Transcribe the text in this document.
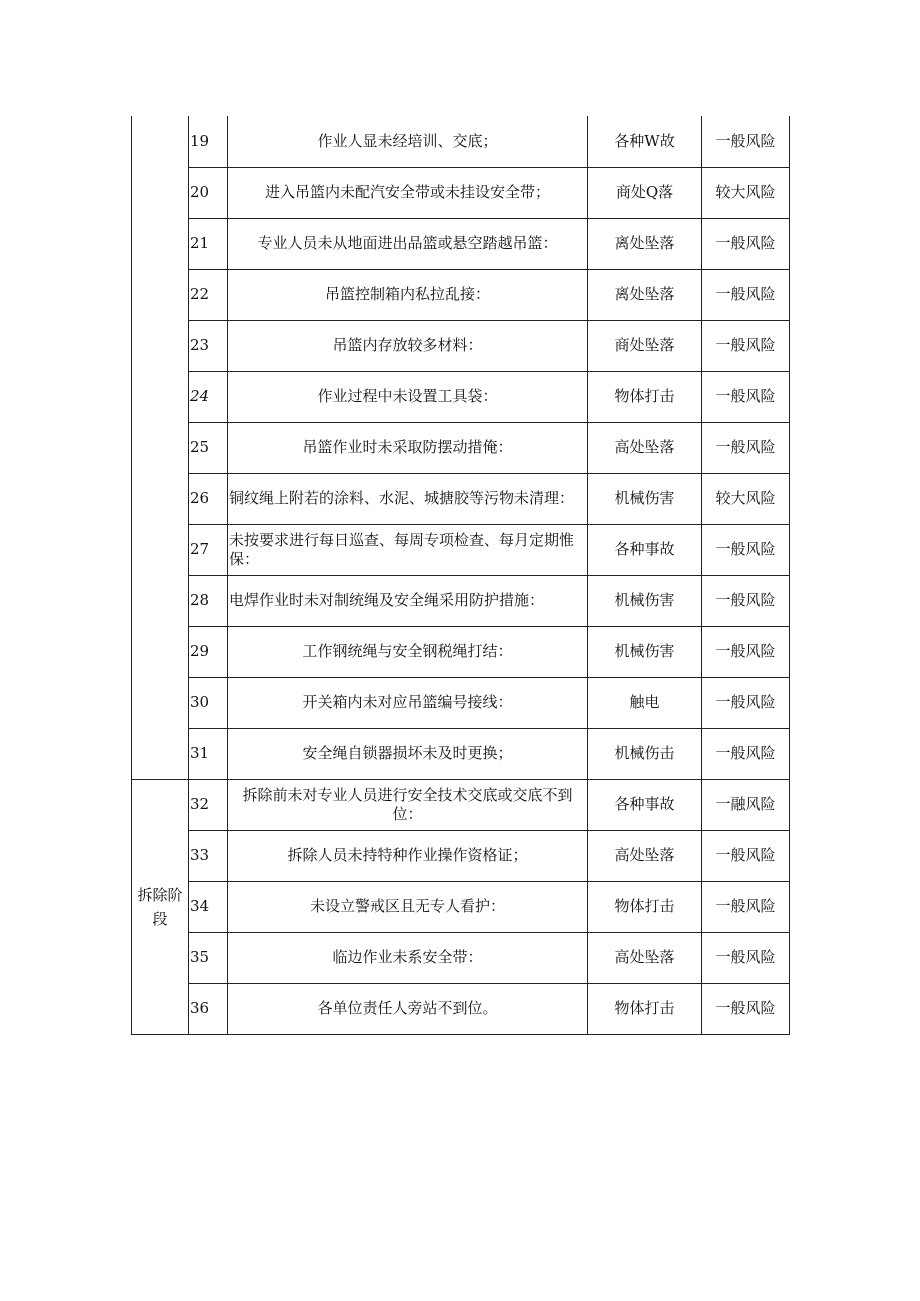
	19	作业人显未经培训、交底；	各种W故	一般风险
	20	进入吊篮内未配汽安全带或未挂设安全带；	商处Q落	较大风险
	21	专业人员未从地面进出品篮或悬空踏越吊篮：	离处坠落	一般风险
	22	吊篮控制箱内私拉乱接：	离处坠落	一般风险
	23	吊篮内存放较多材料：	商处坠落	一般风险
	24	作业过程中未设置工具袋：	物体打击	一般风险
	25	吊篮作业时未采取防摆动措俺：	高处坠落	一般风险
	26	铜纹绳上附若的涂料、水泥、城搪胶等污物未清理：	机械伤害	较大风险
	27	未按要求进行每日巡查、每周专项检查、每月定期惟保：	各种事故	一般风险
	28	电焊作业时未对制统绳及安全绳采用防护措施：	机械伤害	一般风险
	29	工作钢统绳与安全钢税绳打结：	机械伤害	一般风险
	30	开关箱内未对应吊篮编号接线：	触电	一般风险
	31	安全绳自锁器损坏未及时更换；	机械伤击	一般风险
拆除阶段	32	拆除前未对专业人员进行安全技术交底或交底不到位：	各种事故	一融风险
	33	拆除人员未持特种作业操作资格证；	高处坠落	一般风险
	34	未设立警戒区且无专人看护：	物体打击	一般风险
	35	临边作业未系安全带：	高处坠落	一般风险
	36	各单位责任人旁站不到位。	物体打击	一般风险
